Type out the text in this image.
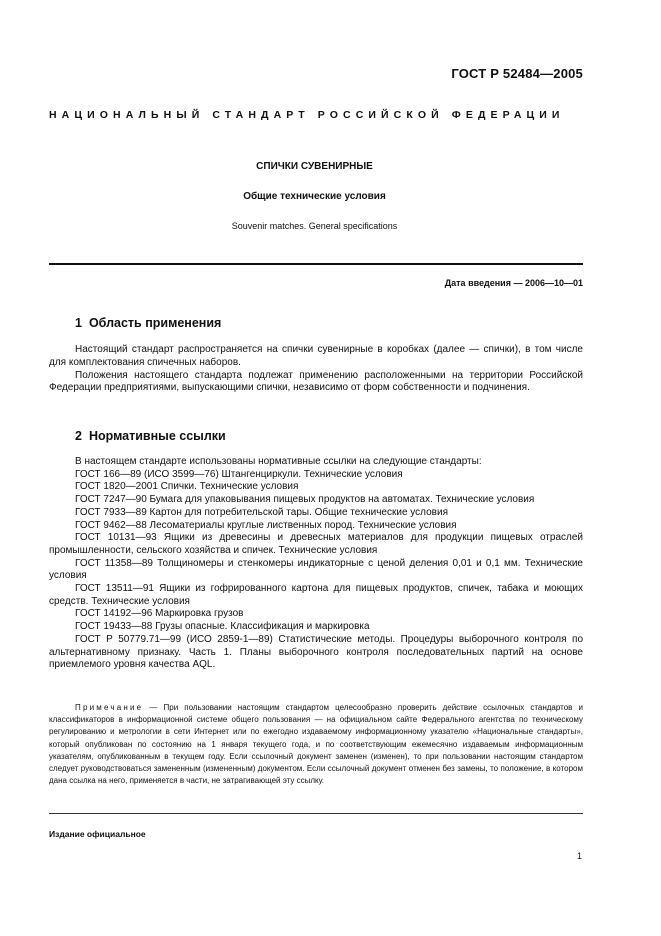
ГОСТ Р 52484—2005
НАЦИОНАЛЬНЫЙ СТАНДАРТ РОССИЙСКОЙ ФЕДЕРАЦИИ
СПИЧКИ СУВЕНИРНЫЕ
Общие технические условия
Souvenir matches. General specifications
Дата введения — 2006—10—01
1 Область применения
Настоящий стандарт распространяется на спички сувенирные в коробках (далее — спички), в том числе для комплектования спичечных наборов.
Положения настоящего стандарта подлежат применению расположенными на территории Российской Федерации предприятиями, выпускающими спички, независимо от форм собственности и подчинения.
2 Нормативные ссылки
В настоящем стандарте использованы нормативные ссылки на следующие стандарты:
ГОСТ 166—89 (ИСО 3599—76) Штангенциркули. Технические условия
ГОСТ 1820—2001 Спички. Технические условия
ГОСТ 7247—90 Бумага для упаковывания пищевых продуктов на автоматах. Технические условия
ГОСТ 7933—89 Картон для потребительской тары. Общие технические условия
ГОСТ 9462—88 Лесоматериалы круглые лиственных пород. Технические условия
ГОСТ 10131—93 Ящики из древесины и древесных материалов для продукции пищевых отраслей промышленности, сельского хозяйства и спичек. Технические условия
ГОСТ 11358—89 Толщиномеры и стенкомеры индикаторные с ценой деления 0,01 и 0,1 мм. Технические условия
ГОСТ 13511—91 Ящики из гофрированного картона для пищевых продуктов, спичек, табака и моющих средств. Технические условия
ГОСТ 14192—96 Маркировка грузов
ГОСТ 19433—88 Грузы опасные. Классификация и маркировка
ГОСТ Р 50779.71—99 (ИСО 2859-1—89) Статистические методы. Процедуры выборочного контроля по альтернативному признаку. Часть 1. Планы выборочного контроля последовательных партий на основе приемлемого уровня качества AQL.
Примечание — При пользовании настоящим стандартом целесообразно проверить действие ссылочных стандартов и классификаторов в информационной системе общего пользования — на официальном сайте Федерального агентства по техническому регулированию и метрологии в сети Интернет или по ежегодно издаваемому информационному указателю «Национальные стандарты», который опубликован по состоянию на 1 января текущего года, и по соответствующим ежемесячно издаваемым информационным указателям, опубликованным в текущем году. Если ссылочный документ заменен (изменен), то при пользовании настоящим стандартом следует руководствоваться замененным (измененным) документом. Если ссылочный документ отменен без замены, то положение, в котором дана ссылка на него, применяется в части, не затрагивающей эту ссылку.
Издание официальное
1
